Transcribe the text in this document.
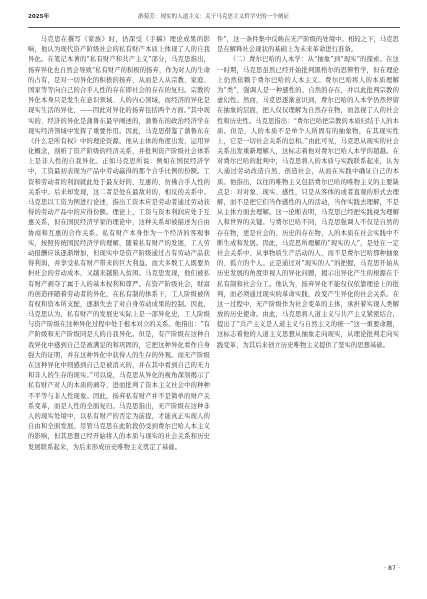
2025年	游菊芳：现实的人道主义：关于马克思主义哲学史的一个阐证

马克思在撰写《家族》时，仍深受《手稿》理论成果的影响，他认为现代资产阶级社会的私有财产本质上体现了人的自我异化。在笔记本著的“私有财产和共产主义”部分，马克思指出，扬弃异化也自然会导致“私有财产的积极的扬弃，作为对人的生命的占有，是对一切异化的积极的扬弃，从而是人从宗教、家庭、国家等等向自己的合乎人性的存在即社会的存在的复归。宗教的异化本身只是发生在意识领域、人的内心领域，而经济的异化是现实生活的异化，——因此对异化的扬弃包括两个方面。”其中现实的、经济的异化是蒲鲁东最早阐述的，蒲鲁东的政治经济学在现实经济领域中发挥了重要作用。因此，马克思借鉴了蒲鲁东在《什么是所有权》中的理论资源。他从主体的角度出发，运用异化概念，剖析了资产阶级的经济关系，并批判资产阶级社会体系上是非人性的自我异化。正如马克思所说：例如在国民经济学中，工资最初表现为产品中劳动赢得的那个合乎比例的份额。工资和劳动者的利润就此处于最友好的、互惠的、仿佛合乎人性的关系中。后来却发现，这二者是处在最敌对的、相反的关系中。马克思以工资为例进行论述，指出工资本应是劳动者通过劳动获得的劳动产品中的应得份额。理论上，工资与资本利润应处于互惠关系，但在国民经济学家的理论中，这种关系却被描述为自由协商和互惠的合作关系。私有财产本身作为一个经济的客观事实，按照传统国民经济学的理解，随着私有财产的发展，工人劳动报酬应该逐渐增加，但现实中是资产阶级通过占有劳动产品获得利润，并享受私有财产带来的巨大利益。而大多数工人既要负担社会的劳动成本，又越来越陷入贫困。马克思发现，他们被私有财产剥夺了属于人的基本权利和尊严。在资产阶级社会，财富的创造伴随着劳动者的异化，在私有制的体系下，工人阶级被所有权和资本所支配，逐渐失去了对自身劳动成果的控制。因此，马克思认为，私有财产的发展史实际上是一部异化史，工人阶级与资产阶级在这种异化过程中处于根本对立的关系。他指出：“有产阶级和无产阶级同是人的自我异化。但是，有产阶级在这种自我异化中感到自己是被满足的和巩固的，它把这种异化看作自身强大的证明，并在这种异化中获得人的生存的外观。而无产阶级在这种异化中则感到自己是被消灭的，并在其中看到自己的无力和非人的生存的现实。”可以说，马克思从异化的视角深刻揭示了私有财产对人的本质的剥夺，进而批判了资本主义社会中的种种不平等与非人性现象。因此，扬弃私有财产并不是简单的财产关系变革，而是人性的全面复归。马克思指出，无产阶级在这种非人的现实处境中，以私有财产的否定为前提，才能真正实现人的自由和全面发展。尽管马克思在此阶段仍受到费尔巴哈人本主义的影响，但其思想已经开始将人的本质与现实的社会关系和历史发展联系起来，为后来形成历史唯物主义奠定了基础。

件”，这一条件集中反映在无产阶级的处境中。相较之下，马克思是在解释社会现状的基础上为未来革命进行准备。

（二）费尔巴哈的人本学：从“抽象”到“现实”的探索。在这一时期，马克思虽然已经开始批判黑格尔的思辨哲学，但在理论上仍然依赖于费尔巴哈的人本主义。费尔巴哈将人的本质理解为“类”，强调人是一种感性的、自然的存在，并以此批判宗教的虚幻性。然而，马克思逐渐意识到，费尔巴哈的人本学仍然停留在抽象的层面，把人仅仅理解为自然存在物，而忽视了人的社会性和历史性。马克思指出：“费尔巴哈把宗教的本质归结于人的本质。但是，人的本质不是单个人所固有的抽象物，在其现实性上，它是一切社会关系的总和。”由此可见，马克思从现实的社会关系出发重新理解人，这标志着他对费尔巴哈人本学的超越。在对费尔巴哈的批判中，马克思将人的本质与实践联系起来，认为人通过劳动改造自然、创造社会，从而在实践中确证自己的本质。他指出，以往的唯物主义包括费尔巴哈的唯物主义的主要缺点是：对对象、现实、感性，只是从客体的或者直观的形式去理解，而不是把它们当作感性的人的活动，当作实践去理解，不是从主体方面去理解。这一论断表明，马克思已经把实践视为理解人和世界的关键。与费尔巴哈不同，马克思强调人不仅是自然的存在物，更是社会的、历史的存在物，人的本质在社会实践中不断生成和发展。因此，马克思所理解的“现实的人”，是处在一定社会关系中、从事物质生产活动的人，而不是费尔巴哈那种抽象的、孤立的个人。正是通过对“现实的人”的把握，马克思开始从历史发展的角度审视人的异化问题，揭示出异化产生的根源在于私有制和社会分工。他认为，扬弃异化不能仅仅依靠理论上的批判，而必须通过现实的革命实践，改变产生异化的社会关系。在这一过程中，无产阶级作为社会变革的主体，承担着实现人类解放的历史使命。由此，马克思将人道主义与共产主义紧密结合，提出了“共产主义是人道主义与自然主义的统一”这一重要命题，这标志着他的人道主义思想从抽象走向现实，从理论批判走向实践变革，为其后来创立历史唯物主义提供了坚实的思想基础。

· 87 ·
